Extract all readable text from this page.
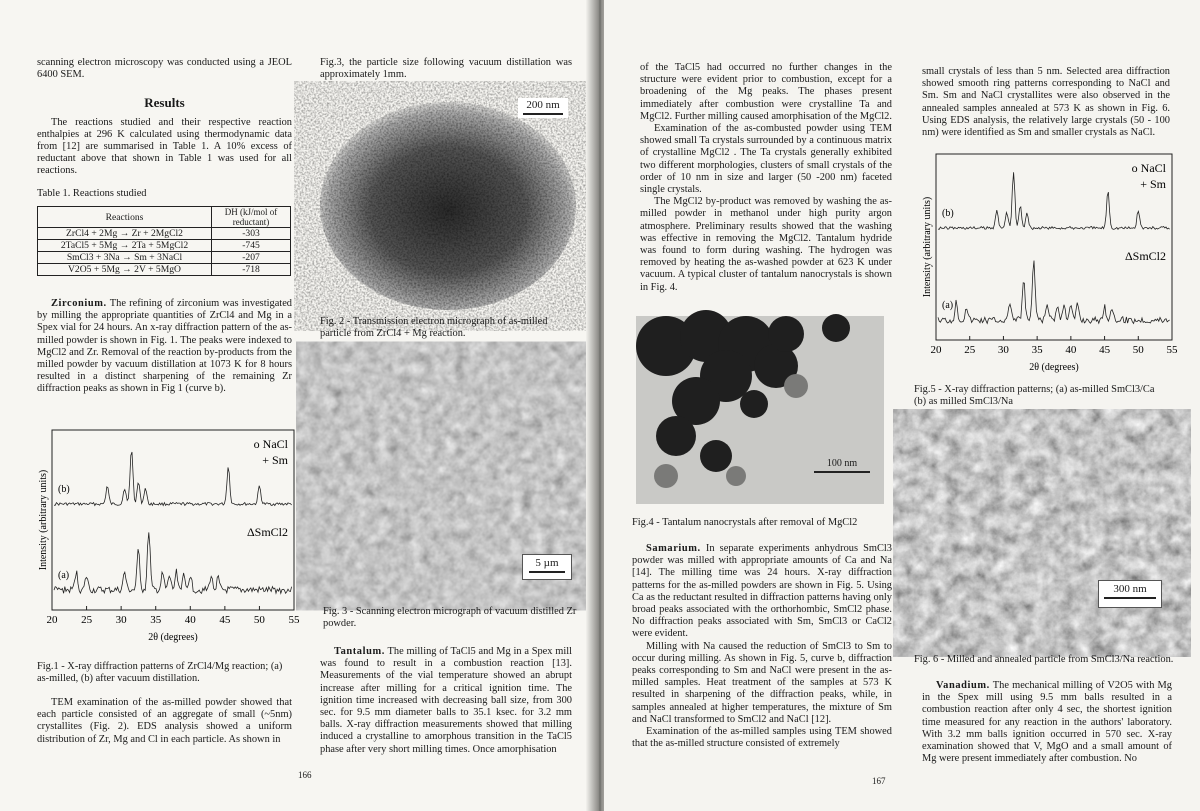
scanning electron microscopy was conducted using a JEOL 6400 SEM.

Results

The reactions studied and their respective reaction enthalpies at 296 K calculated using thermodynamic data from [12] are summarised in Table 1. A 10% excess of reductant above that shown in Table 1 was used for all reactions.

Table 1. Reactions studied

Reactions	DH (kJ/mol of reductant)
ZrCl4 + 2Mg → Zr + 2MgCl2	-303
2TaCl5 + 5Mg → 2Ta + 5MgCl2	-745
SmCl3 + 3Na → Sm + 3NaCl	-207
V2O5 + 5Mg → 2V + 5MgO	-718

Zirconium. The refining of zirconium was investigated by milling the appropriate quantities of ZrCl4 and Mg in a Spex vial for 24 hours. An x-ray diffraction pattern of the as-milled powder is shown in Fig. 1. The peaks were indexed to MgCl2 and Zr. Removal of the reaction by-products from the milled powder by vacuum distillation at 1073 K for 8 hours resulted in a distinct sharpening of the remaining Zr diffraction peaks as shown in Fig 1 (curve b).

20 25 30 35 40 45 50 55
2θ (degrees)
Intensity (arbitrary units)
o NaCl
+ Sm
ΔSmCl2
(b)
(a)
Fig.1 - X-ray diffraction patterns of ZrCl4/Mg reaction; (a) as-milled, (b) after vacuum distillation.

TEM examination of the as-milled powder showed that each particle consisted of an aggregate of small (~5nm) crystallites (Fig. 2). EDS analysis showed a uniform distribution of Zr, Mg and Cl in each particle. As shown in

Fig.3, the particle size following vacuum distillation was approximately 1mm.

200 nm
Fig. 2 - Transmission electron micrograph of as-milled particle from ZrCl4 + Mg reaction.
5 µm
Fig. 3 - Scanning electron micrograph of vacuum distilled Zr powder.

Tantalum. The milling of TaCl5 and Mg in a Spex mill was found to result in a combustion reaction [13]. Measurements of the vial temperature showed an abrupt increase after milling for a critical ignition time. The ignition time increased with decreasing ball size, from 300 sec. for 9.5 mm diameter balls to 35.1 ksec. for 3.2 mm balls. X-ray diffraction measurements showed that milling induced a crystalline to amorphous transition in the TaCl5 phase after very short milling times. Once amorphisation

166

of the TaCl5 had occurred no further changes in the structure were evident prior to combustion, except for a broadening of the Mg peaks. The phases present immediately after combustion were crystalline Ta and MgCl2. Further milling caused amorphisation of the MgCl2.

Examination of the as-combusted powder using TEM showed small Ta crystals surrounded by a continuous matrix of crystalline MgCl2 . The Ta crystals generally exhibited two different morphologies, clusters of small crystals of the order of 10 nm in size and larger (50 -200 nm) faceted single crystals.

The MgCl2 by-product was removed by washing the as-milled powder in methanol under high purity argon atmosphere. Preliminary results showed that the washing was effective in removing the MgCl2. Tantalum hydride was found to form during washing. The hydrogen was removed by heating the as-washed powder at 623 K under vacuum. A typical cluster of tantalum nanocrystals is shown in Fig. 4.

100 nm
Fig.4 - Tantalum nanocrystals after removal of MgCl2

Samarium. In separate experiments anhydrous SmCl3 powder was milled with appropriate amounts of Ca and Na [14]. The milling time was 24 hours. X-ray diffraction patterns for the as-milled powders are shown in Fig. 5. Using Ca as the reductant resulted in diffraction patterns having only broad peaks associated with the orthorhombic, SmCl2 phase. No diffraction peaks associated with Sm, SmCl3 or CaCl2 were evident.

Milling with Na caused the reduction of SmCl3 to Sm to occur during milling. As shown in Fig. 5, curve b, diffraction peaks corresponding to Sm and NaCl were present in the as-milled samples. Heat treatment of the samples at 573 K resulted in sharpening of the diffraction peaks, while, in samples annealed at higher temperatures, the mixture of Sm and NaCl transformed to SmCl2 and NaCl [12].

Examination of the as-milled samples using TEM showed that the as-milled structure consisted of extremely

small crystals of less than 5 nm. Selected area diffraction showed smooth ring patterns corresponding to NaCl and Sm. Sm and NaCl crystallites were also observed in the annealed samples annealed at 573 K as shown in Fig. 6. Using EDS analysis, the relatively large crystals (50 - 100 nm) were identified as Sm and smaller crystals as NaCl.

20 25 30 35 40 45 50 55
2θ (degrees)
Intensity (arbitrary units)
o NaCl
+ Sm
ΔSmCl2
(b)
(a)
Fig.5 - X-ray diffraction patterns; (a) as-milled SmCl3/Ca (b) as milled SmCl3/Na
300 nm
Fig. 6 - Milled and annealed particle from SmCl3/Na reaction.

Vanadium. The mechanical milling of V2O5 with Mg in the Spex mill using 9.5 mm balls resulted in a combustion reaction after only 4 sec, the shortest ignition time measured for any reaction in the authors' laboratory. With 3.2 mm balls ignition occurred in 570 sec. X-ray examination showed that V, MgO and a small amount of Mg were present immediately after combustion. No

167
